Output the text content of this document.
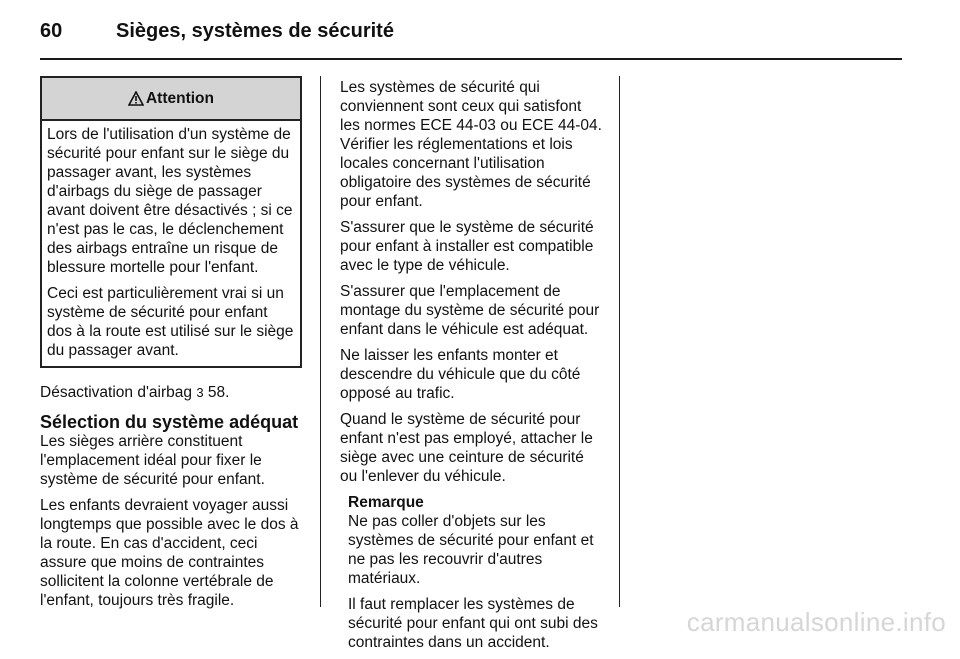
60	Sièges, systèmes de sécurité
Attention

Lors de l'utilisation d'un système de sécurité pour enfant sur le siège du passager avant, les systèmes d'airbags du siège de passager avant doivent être désactivés ; si ce n'est pas le cas, le déclenchement des airbags entraîne un risque de blessure mortelle pour l'enfant.

Ceci est particulièrement vrai si un système de sécurité pour enfant dos à la route est utilisé sur le siège du passager avant.

Désactivation d'airbag 3 58.
Sélection du système adéquat

Les sièges arrière constituent l'emplacement idéal pour fixer le système de sécurité pour enfant.

Les enfants devraient voyager aussi longtemps que possible avec le dos à la route. En cas d'accident, ceci assure que moins de contraintes sollicitent la colonne vertébrale de l'enfant, toujours très fragile.

Les systèmes de sécurité qui conviennent sont ceux qui satisfont les normes ECE 44-03 ou ECE 44-04. Vérifier les réglementations et lois locales concernant l'utilisation obligatoire des systèmes de sécurité pour enfant.

S'assurer que le système de sécurité pour enfant à installer est compatible avec le type de véhicule.

S'assurer que l'emplacement de montage du système de sécurité pour enfant dans le véhicule est adéquat.

Ne laisser les enfants monter et descendre du véhicule que du côté opposé au trafic.

Quand le système de sécurité pour enfant n'est pas employé, attacher le siège avec une ceinture de sécurité ou l'enlever du véhicule.

Remarque

Ne pas coller d'objets sur les systèmes de sécurité pour enfant et ne pas les recouvrir d'autres matériaux.

Il faut remplacer les systèmes de sécurité pour enfant qui ont subi des contraintes dans un accident.

carmanualsonline.info
